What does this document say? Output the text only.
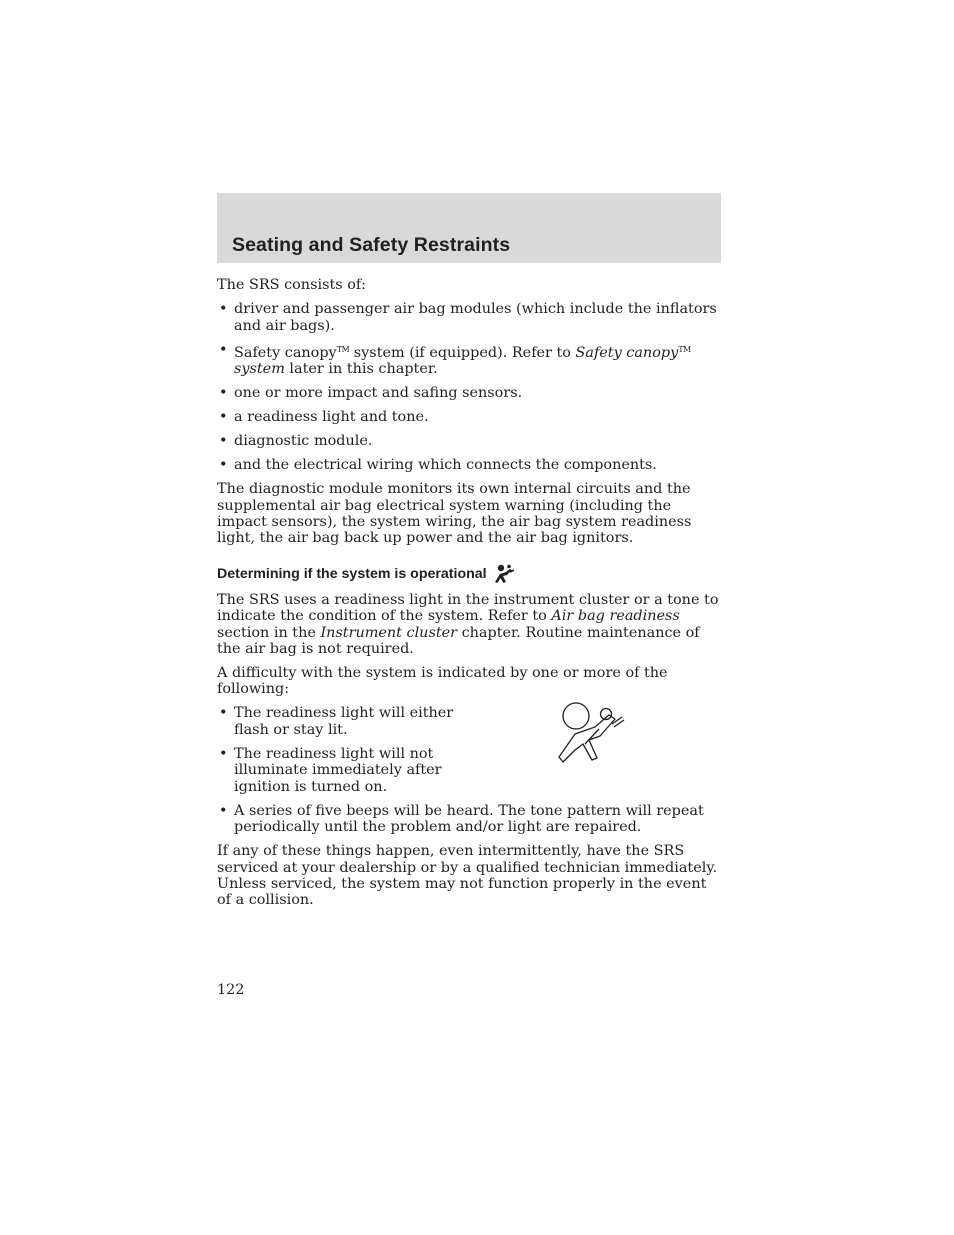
Seating and Safety Restraints

The SRS consists of:

• driver and passenger air bag modules (which include the inflators and air bags).
• Safety canopy™ system (if equipped). Refer to Safety canopy™
system later in this chapter.
• one or more impact and safing sensors.
• a readiness light and tone.
• diagnostic module.
• and the electrical wiring which connects the components.

The diagnostic module monitors its own internal circuits and the supplemental air bag electrical system warning (including the impact sensors), the system wiring, the air bag system readiness light, the air bag back up power and the air bag ignitors.

Determining if the system is operational

The SRS uses a readiness light in the instrument cluster or a tone to indicate the condition of the system. Refer to Air bag readiness section in the Instrument cluster chapter. Routine maintenance of the air bag is not required.

A difficulty with the system is indicated by one or more of the following:

• The readiness light will either flash or stay lit.
• The readiness light will not illuminate immediately after ignition is turned on.
• A series of five beeps will be heard. The tone pattern will repeat periodically until the problem and/or light are repaired.

If any of these things happen, even intermittently, have the SRS serviced at your dealership or by a qualified technician immediately. Unless serviced, the system may not function properly in the event of a collision.

122
